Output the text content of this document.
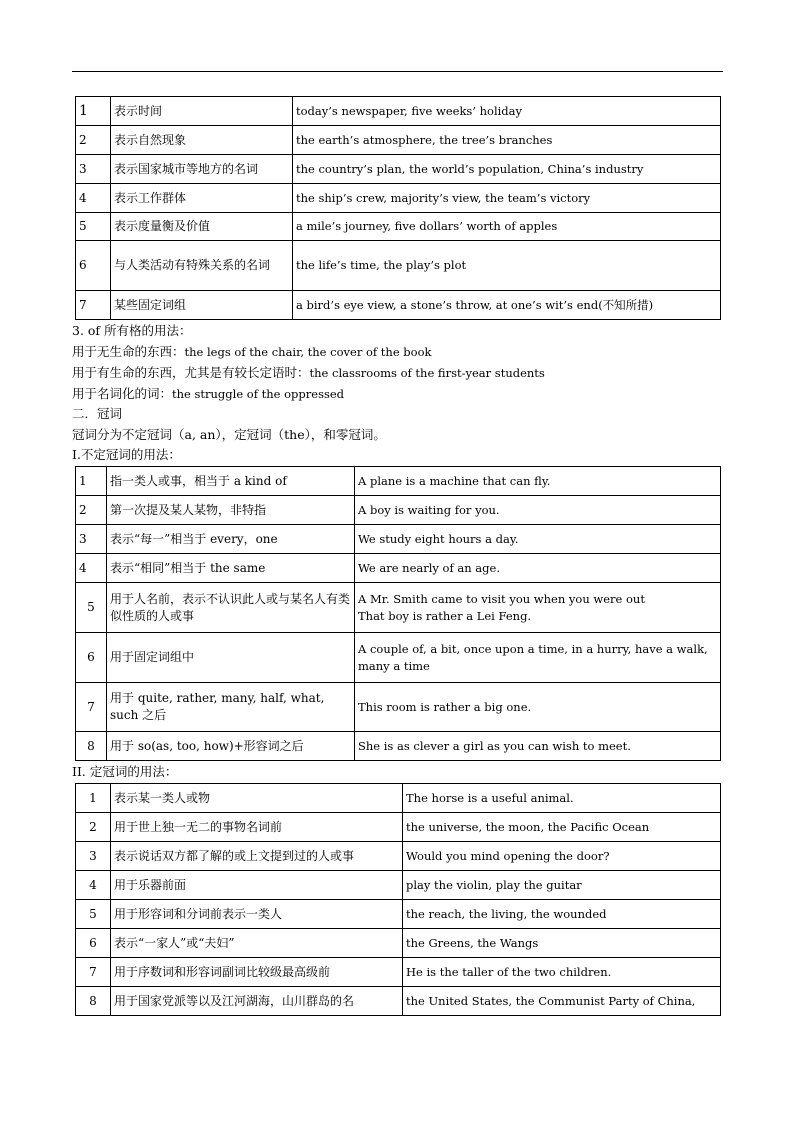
1	表示时间	today’s newspaper, five weeks’ holiday
2	表示自然现象	the earth’s atmosphere, the tree’s branches
3	表示国家城市等地方的名词	the country’s plan, the world’s population, China’s industry
4	表示工作群体	the ship’s crew, majority’s view, the team’s victory
5	表示度量衡及价值	a mile’s journey, five dollars’ worth of apples
6	与人类活动有特殊关系的名词	the life’s time, the play’s plot
7	某些固定词组	a bird’s eye view, a stone’s throw, at one’s wit’s end(不知所措)
3. of 所有格的用法：
用于无生命的东西：the legs of the chair, the cover of the book
用于有生命的东西，尤其是有较长定语时：the classrooms of the first-year students
用于名词化的词：the struggle of the oppressed
二．冠词
冠词分为不定冠词（a, an），定冠词（the），和零冠词。
I.不定冠词的用法：
1	指一类人或事，相当于 a kind of	A plane is a machine that can fly.
2	第一次提及某人某物，非特指	A boy is waiting for you.
3	表示“每一”相当于 every，one	We study eight hours a day.
4	表示“相同”相当于 the same	We are nearly of an age.
5	用于人名前，表示不认识此人或与某名人有类似性质的人或事	A Mr. Smith came to visit you when you were out
That boy is rather a Lei Feng.

6	用于固定词组中	A couple of, a bit, once upon a time, in a hurry, have a walk, many a time
7	用于 quite, rather, many, half, what, such 之后	This room is rather a big one.
8	用于 so(as, too, how)+形容词之后	She is as clever a girl as you can wish to meet.
II. 定冠词的用法：
1	表示某一类人或物	The horse is a useful animal.
2	用于世上独一无二的事物名词前	the universe, the moon, the Pacific Ocean
3	表示说话双方都了解的或上文提到过的人或事	Would you mind opening the door?
4	用于乐器前面	play the violin, play the guitar
5	用于形容词和分词前表示一类人	the reach, the living, the wounded
6	表示“一家人”或“夫妇”	the Greens, the Wangs
7	用于序数词和形容词副词比较级最高级前	He is the taller of the two children.
8	用于国家党派等以及江河湖海，山川群岛的名	the United States, the Communist Party of China,
